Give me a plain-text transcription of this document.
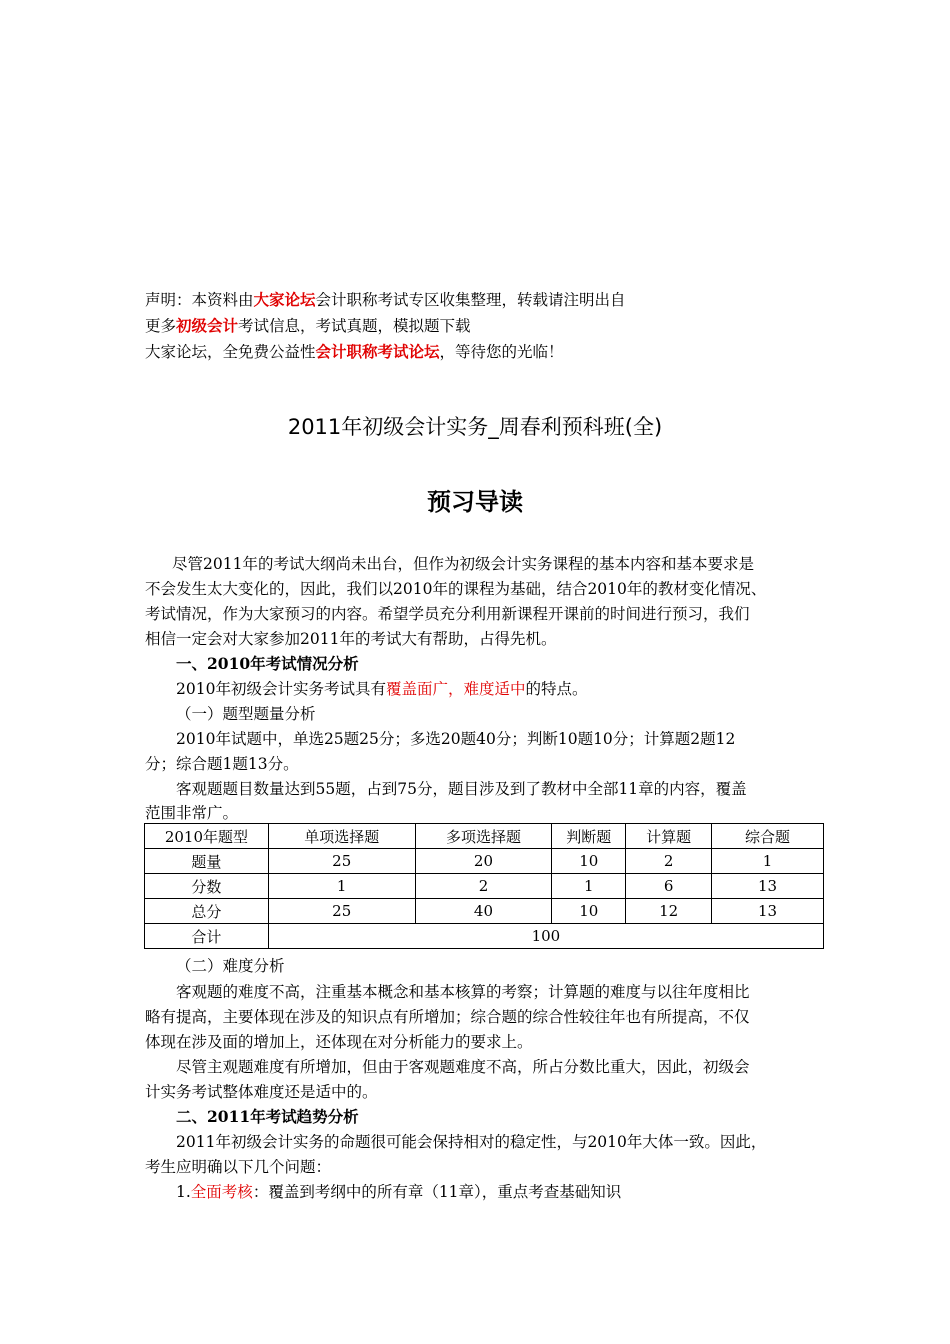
声明：本资料由大家论坛会计职称考试专区收集整理，转载请注明出自
更多初级会计考试信息，考试真题，模拟题下载
大家论坛，全免费公益性会计职称考试论坛，等待您的光临！
2011年初级会计实务_周春利预科班(全)
预习导读
尽管2011年的考试大纲尚未出台，但作为初级会计实务课程的基本内容和基本要求是
不会发生太大变化的，因此，我们以2010年的课程为基础，结合2010年的教材变化情况、
考试情况，作为大家预习的内容。希望学员充分利用新课程开课前的时间进行预习，我们
相信一定会对大家参加2011年的考试大有帮助，占得先机。
一、2010年考试情况分析
2010年初级会计实务考试具有覆盖面广，难度适中的特点。
（一）题型题量分析
2010年试题中，单选25题25分；多选20题40分；判断10题10分；计算题2题12
分；综合题1题13分。
客观题题目数量达到55题，占到75分，题目涉及到了教材中全部11章的内容，覆盖
范围非常广。
2010年题型	单项选择题	多项选择题	判断题	计算题	综合题
题量	25	20	10	2	1
分数	1	2	1	6	13
总分	25	40	10	12	13
合计	100				
（二）难度分析
客观题的难度不高，注重基本概念和基本核算的考察；计算题的难度与以往年度相比
略有提高，主要体现在涉及的知识点有所增加；综合题的综合性较往年也有所提高，不仅
体现在涉及面的增加上，还体现在对分析能力的要求上。
尽管主观题难度有所增加，但由于客观题难度不高，所占分数比重大，因此，初级会
计实务考试整体难度还是适中的。
二、2011年考试趋势分析
2011年初级会计实务的命题很可能会保持相对的稳定性，与2010年大体一致。因此，
考生应明确以下几个问题：
1.全面考核：覆盖到考纲中的所有章（11章），重点考查基础知识
